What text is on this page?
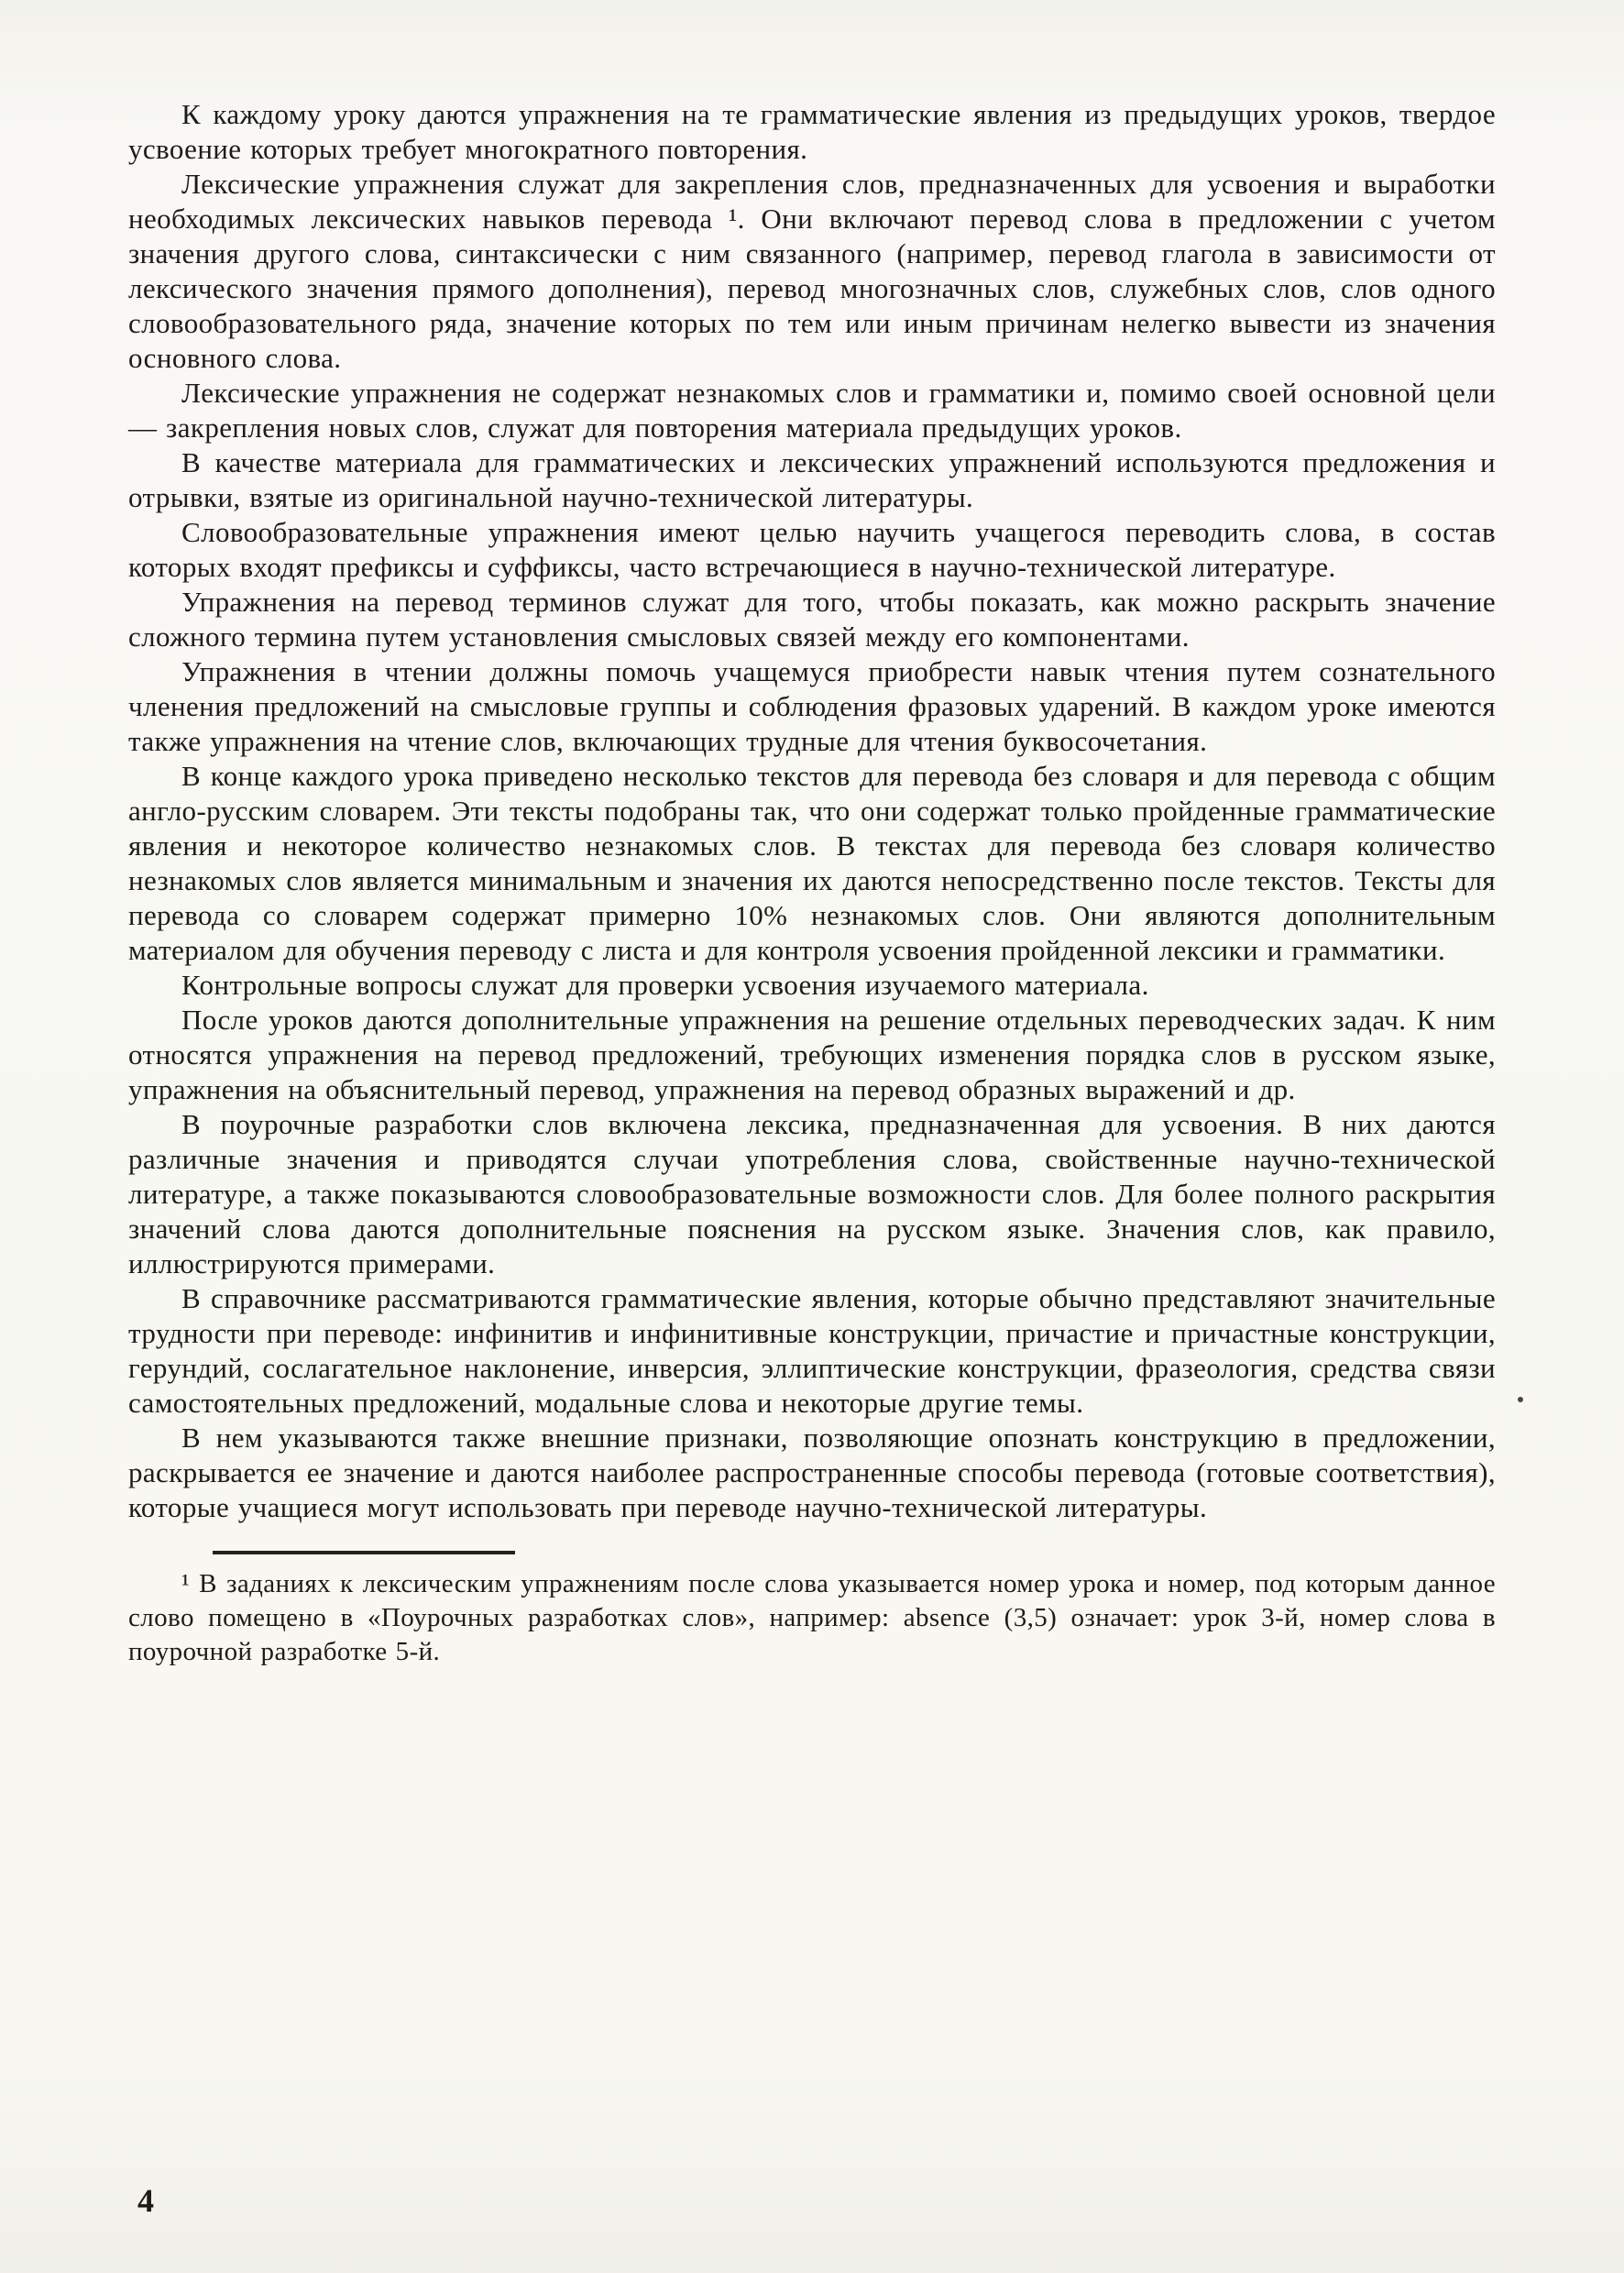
К каждому уроку даются упражнения на те грамматические явления из предыдущих уроков, твердое усвоение которых требует многократного повторения.

Лексические упражнения служат для закрепления слов, предназначенных для усвоения и выработки необходимых лексических навыков перевода ¹. Они включают перевод слова в предложении с учетом значения другого слова, синтаксически с ним связанного (например, перевод глагола в зависимости от лексического значения прямого дополнения), перевод многозначных слов, служебных слов, слов одного словообразовательного ряда, значение которых по тем или иным причинам нелегко вывести из значения основного слова.

Лексические упражнения не содержат незнакомых слов и грамматики и, помимо своей основной цели — закрепления новых слов, служат для повторения материала предыдущих уроков.

В качестве материала для грамматических и лексических упражнений используются предложения и отрывки, взятые из оригинальной научно-технической литературы.

Словообразовательные упражнения имеют целью научить учащегося переводить слова, в состав которых входят префиксы и суффиксы, часто встречающиеся в научно-технической литературе.

Упражнения на перевод терминов служат для того, чтобы показать, как можно раскрыть значение сложного термина путем установления смысловых связей между его компонентами.

Упражнения в чтении должны помочь учащемуся приобрести навык чтения путем сознательного членения предложений на смысловые группы и соблюдения фразовых ударений. В каждом уроке имеются также упражнения на чтение слов, включающих трудные для чтения буквосочетания.

В конце каждого урока приведено несколько текстов для перевода без словаря и для перевода с общим англо-русским словарем. Эти тексты подобраны так, что они содержат только пройденные грамматические явления и некоторое количество незнакомых слов. В текстах для перевода без словаря количество незнакомых слов является минимальным и значения их даются непосредственно после текстов. Тексты для перевода со словарем содержат примерно 10% незнакомых слов. Они являются дополнительным материалом для обучения переводу с листа и для контроля усвоения пройденной лексики и грамматики.

Контрольные вопросы служат для проверки усвоения изучаемого материала.

После уроков даются дополнительные упражнения на решение отдельных переводческих задач. К ним относятся упражнения на перевод предложений, требующих изменения порядка слов в русском языке, упражнения на объяснительный перевод, упражнения на перевод образных выражений и др.

В поурочные разработки слов включена лексика, предназначенная для усвоения. В них даются различные значения и приводятся случаи употребления слова, свойственные научно-технической литературе, а также показываются словообразовательные возможности слов. Для более полного раскрытия значений слова даются дополнительные пояснения на русском языке. Значения слов, как правило, иллюстрируются примерами.

В справочнике рассматриваются грамматические явления, которые обычно представляют значительные трудности при переводе: инфинитив и инфинитивные конструкции, причастие и причастные конструкции, герундий, сослагательное наклонение, инверсия, эллиптические конструкции, фразеология, средства связи самостоятельных предложений, модальные слова и некоторые другие темы.

В нем указываются также внешние признаки, позволяющие опознать конструкцию в предложении, раскрывается ее значение и даются наиболее распространенные способы перевода (готовые соответствия), которые учащиеся могут использовать при переводе научно-технической литературы.

¹ В заданиях к лексическим упражнениям после слова указывается номер урока и номер, под которым данное слово помещено в «Поурочных разработках слов», например: absence (3,5) означает: урок 3-й, номер слова в поурочной разработке 5-й.

4
